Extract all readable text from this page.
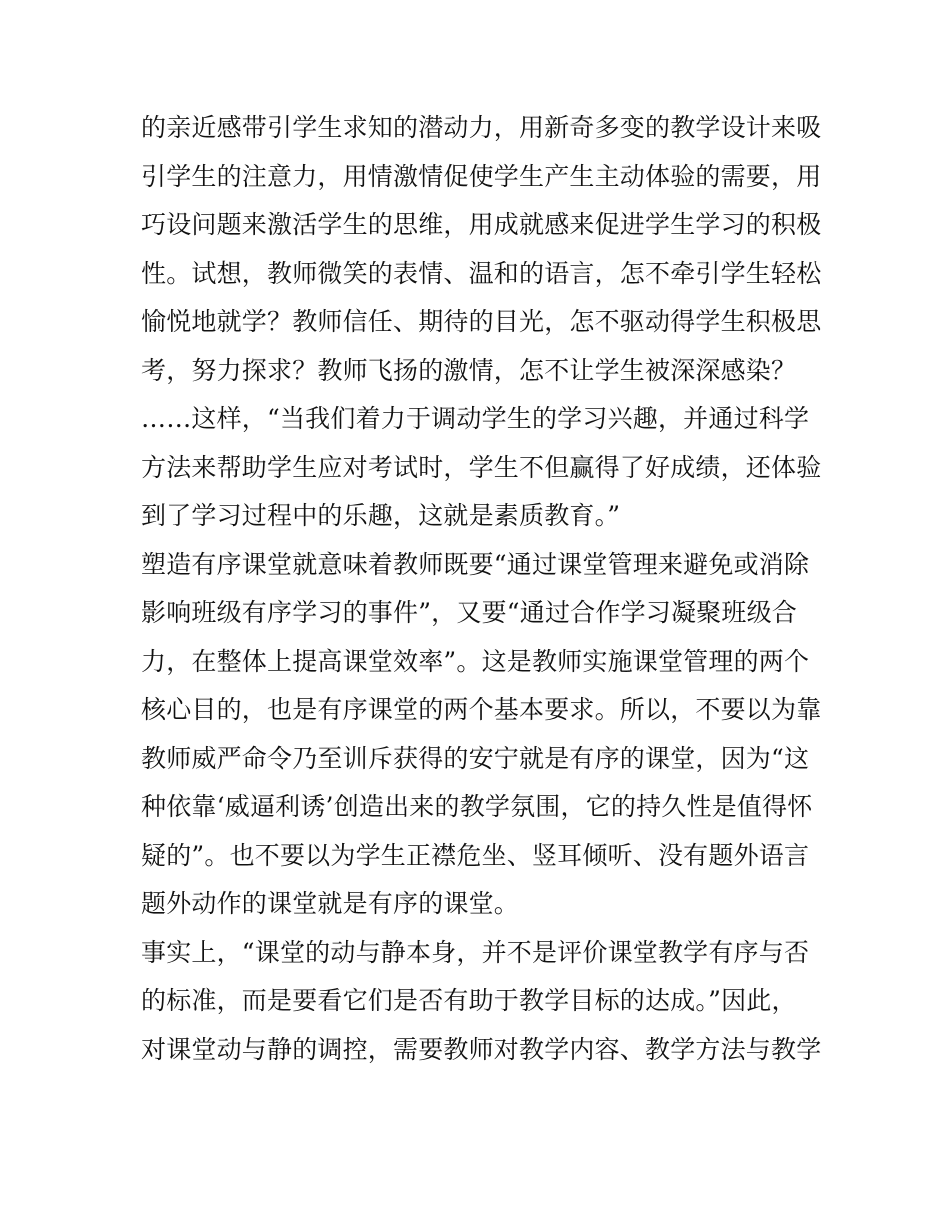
的亲近感带引学生求知的潜动力，用新奇多变的教学设计来吸
引学生的注意力，用情激情促使学生产生主动体验的需要，用
巧设问题来激活学生的思维，用成就感来促进学生学习的积极
性。试想，教师微笑的表情、温和的语言，怎不牵引学生轻松
愉悦地就学？教师信任、期待的目光，怎不驱动得学生积极思
考，努力探求？教师飞扬的激情，怎不让学生被深深感染？
……这样，“当我们着力于调动学生的学习兴趣，并通过科学
方法来帮助学生应对考试时，学生不但赢得了好成绩，还体验
到了学习过程中的乐趣，这就是素质教育。”
塑造有序课堂就意味着教师既要“通过课堂管理来避免或消除
影响班级有序学习的事件”，又要“通过合作学习凝聚班级合
力，在整体上提高课堂效率”。这是教师实施课堂管理的两个
核心目的，也是有序课堂的两个基本要求。所以，不要以为靠
教师威严命令乃至训斥获得的安宁就是有序的课堂，因为“这
种依靠‘威逼利诱’创造出来的教学氛围，它的持久性是值得怀
疑的”。也不要以为学生正襟危坐、竖耳倾听、没有题外语言
题外动作的课堂就是有序的课堂。
事实上，“课堂的动与静本身，并不是评价课堂教学有序与否
的标准，而是要看它们是否有助于教学目标的达成。”因此，
对课堂动与静的调控，需要教师对教学内容、教学方法与教学
